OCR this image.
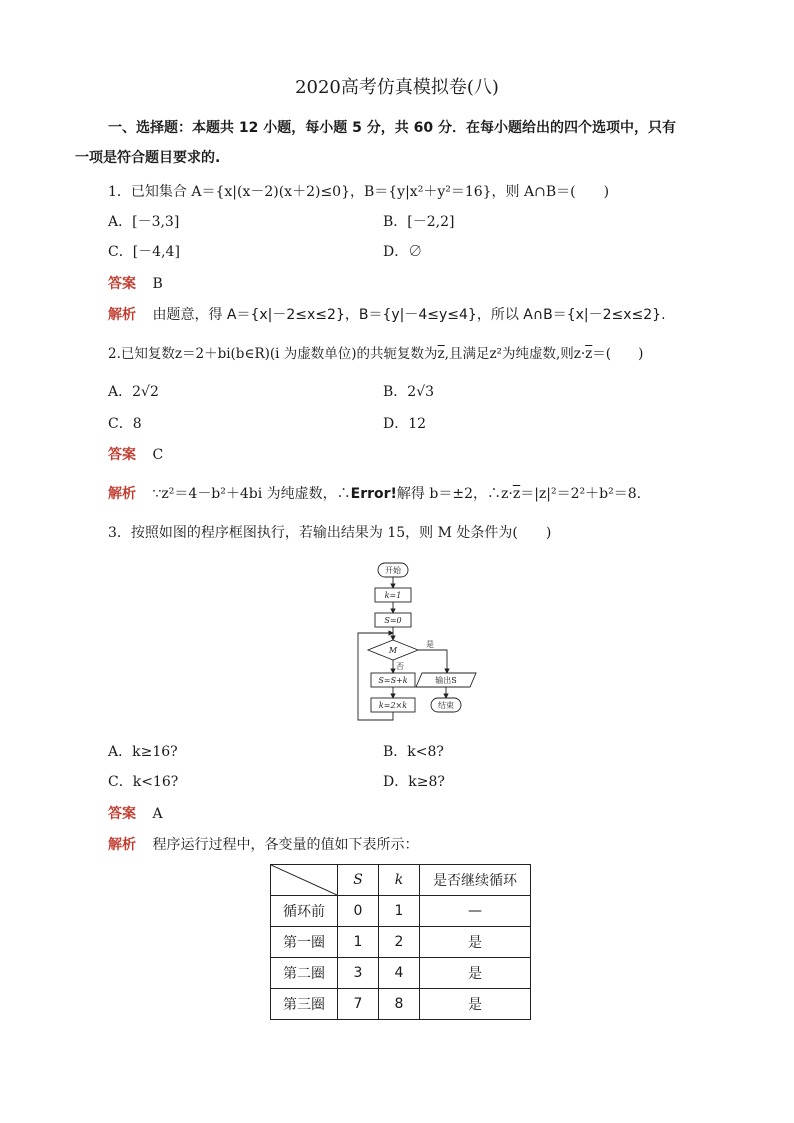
2020高考仿真模拟卷(八)
一、选择题：本题共 12 小题，每小题 5 分，共 60 分．在每小题给出的四个选项中，只有
一项是符合题目要求的.
1．已知集合 A＝{x|(x－2)(x＋2)≤0}，B＝{y|x²＋y²＝16}，则 A∩B＝(　　)
A．[－3,3]	B．[－2,2]
C．[－4,4]	D．∅
答案 B
解析 由题意，得 A＝{x|－2≤x≤2}，B＝{y|－4≤y≤4}，所以 A∩B＝{x|－2≤x≤2}.
2.已知复数z＝2＋bi(b∈R)(i 为虚数单位)的共轭复数为$\overline{z}$,且满足z²为纯虚数,则$z\cdot\overline{z}=$(　　)
A．2√2	B．2√3
C．8	D．12
答案 C
解析 ∵z²＝4－b²＋4bi 为纯虚数，∴Error!解得 b＝±2，$\therefore z\cdot\overline{z}=|z|^2=2^2+b^2=8$.
3．按照如图的程序框图执行，若输出结果为 15，则 M 处条件为(　　)
开始
k=1
S=0
M
是
否
S=S+k
k=2×k
输出S
结束
A．k≥16?	B．k<8?
C．k<16?	D．k≥8?
答案 A
解析 程序运行过程中，各变量的值如下表所示：
	S	k	是否继续循环
循环前	0	1	—
第一圈	1	2	是
第二圈	3	4	是
第三圈	7	8	是
